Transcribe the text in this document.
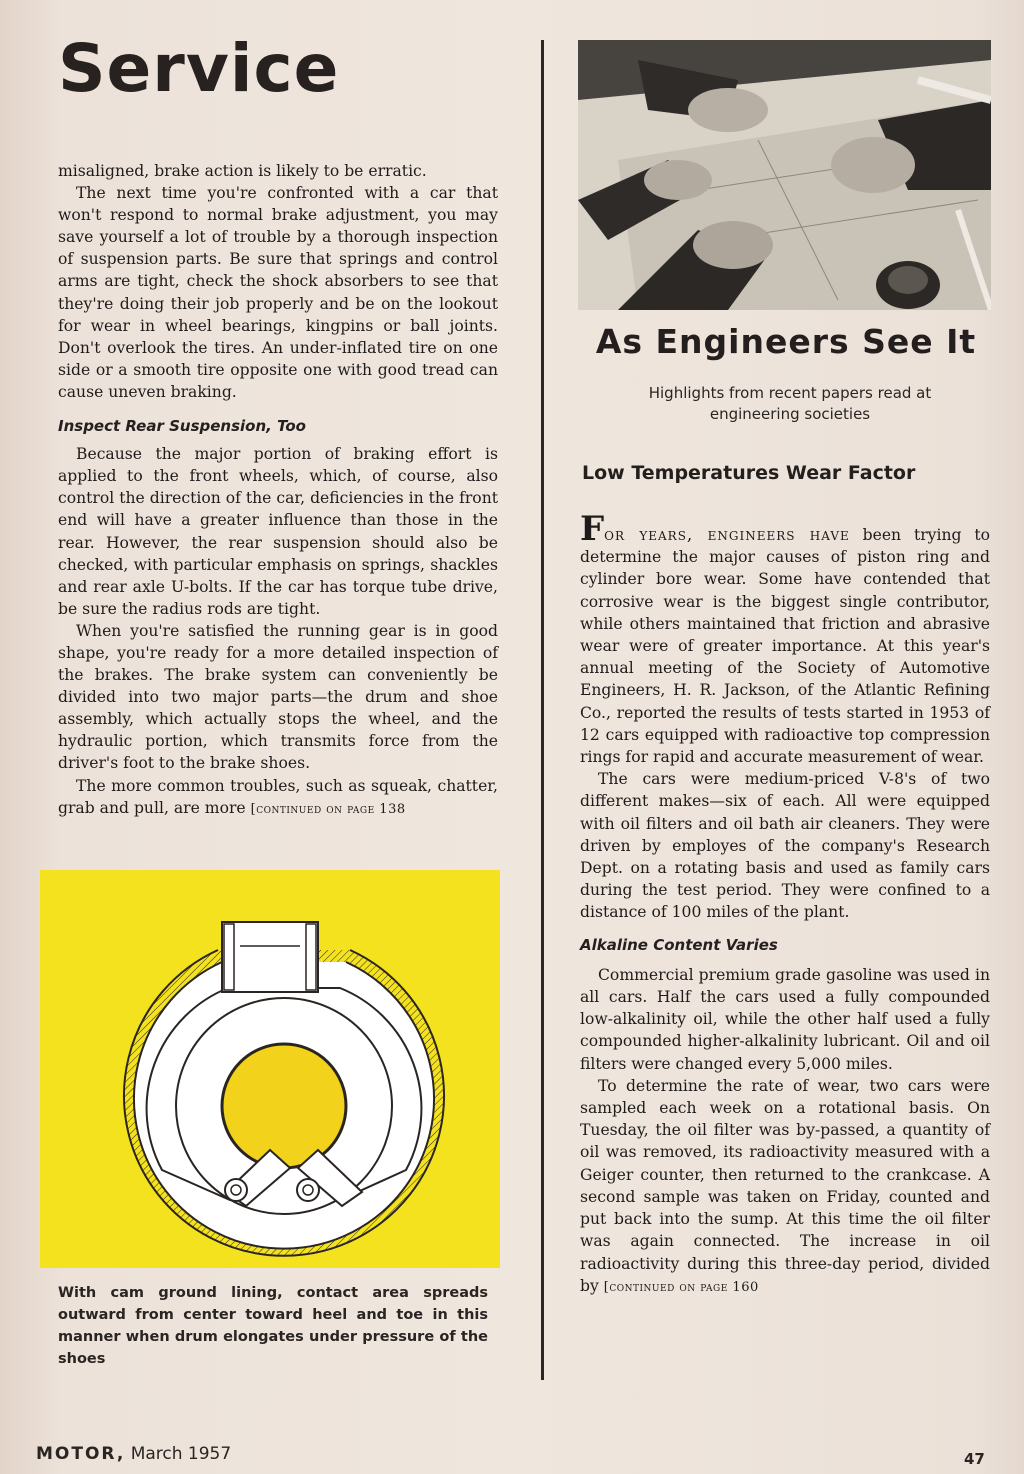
Service

misaligned, brake action is likely to be erratic.

The next time you're confronted with a car that won't respond to normal brake adjustment, you may save yourself a lot of trouble by a thorough inspection of suspension parts. Be sure that springs and control arms are tight, check the shock absorbers to see that they're doing their job properly and be on the lookout for wear in wheel bearings, kingpins or ball joints. Don't overlook the tires. An under-inflated tire on one side or a smooth tire opposite one with good tread can cause uneven braking.

Inspect Rear Suspension, Too

Because the major portion of braking effort is applied to the front wheels, which, of course, also control the direction of the car, deficiencies in the front end will have a greater influence than those in the rear. However, the rear suspension should also be checked, with particular emphasis on springs, shackles and rear axle U-bolts. If the car has torque tube drive, be sure the radius rods are tight.

When you're satisfied the running gear is in good shape, you're ready for a more detailed inspection of the brakes. The brake system can conveniently be divided into two major parts—the drum and shoe assembly, which actually stops the wheel, and the hydraulic portion, which transmits force from the driver's foot to the brake shoes.

The more common troubles, such as squeak, chatter, grab and pull, are more [continued on page 138

With cam ground lining, contact area spreads outward from center toward heel and toe in this manner when drum elongates under pressure of the shoes
As Engineers See It
Highlights from recent papers read at engineering societies
Low Temperatures Wear Factor

For years, engineers have been trying to determine the major causes of piston ring and cylinder bore wear. Some have contended that corrosive wear is the biggest single contributor, while others maintained that friction and abrasive wear were of greater importance. At this year's annual meeting of the Society of Automotive Engineers, H. R. Jackson, of the Atlantic Refining Co., reported the results of tests started in 1953 of 12 cars equipped with radioactive top compression rings for rapid and accurate measurement of wear.

The cars were medium-priced V-8's of two different makes—six of each. All were equipped with oil filters and oil bath air cleaners. They were driven by employes of the company's Research Dept. on a rotating basis and used as family cars during the test period. They were confined to a distance of 100 miles of the plant.

Alkaline Content Varies

Commercial premium grade gasoline was used in all cars. Half the cars used a fully compounded low-alkalinity oil, while the other half used a fully compounded higher-alkalinity lubricant. Oil and oil filters were changed every 5,000 miles.

To determine the rate of wear, two cars were sampled each week on a rotational basis. On Tuesday, the oil filter was by-passed, a quantity of oil was removed, its radioactivity measured with a Geiger counter, then returned to the crankcase. A second sample was taken on Friday, counted and put back into the sump. At this time the oil filter was again connected. The increase in oil radioactivity during this three-day period, divided by [continued on page 160

MOTOR, March 1957	47
